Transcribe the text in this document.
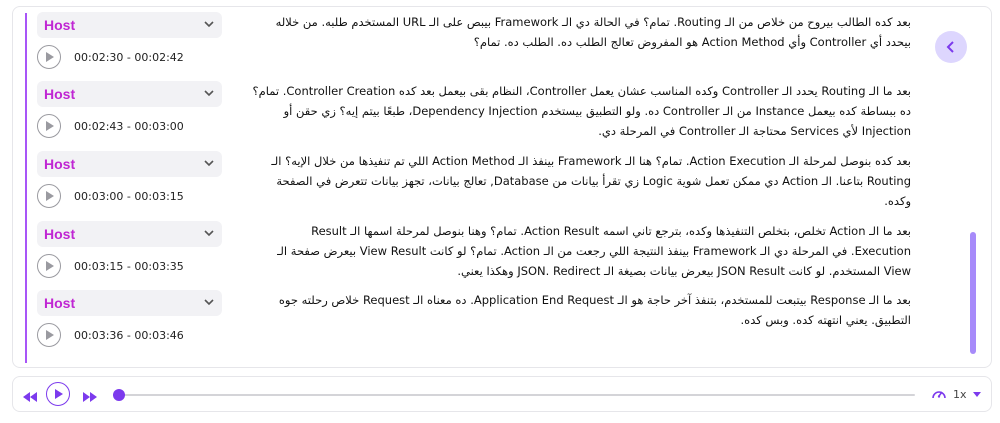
Host
00:02:30 - 00:02:42
بعد كده الطالب بيروح من خلاص من الـ Routing. تمام؟ في الحالة دي الـ Framework بيبص على الـ URL المستخدم طلبه. من خلاله بيحدد أي Controller وأي Action Method هو المفروض تعالج الطلب ده. الطلب ده. تمام؟
Host
00:02:43 - 00:03:00
بعد ما الـ Routing يحدد الـ Controller وكده المناسب عشان يعمل Controller، النظام بقى بيعمل بعد كده Controller Creation. تمام؟ ده ببساطة كده بيعمل Instance من الـ Controller ده. ولو التطبيق بيستخدم Dependency Injection، طبعًا بيتم إيه؟ زي حقن أو Injection لأي Services محتاجة الـ Controller في المرحلة دي.
Host
00:03:00 - 00:03:15
بعد كده بنوصل لمرحلة الـ Action Execution. تمام؟ هنا الـ Framework بينفذ الـ Action Method اللي تم تنفيذها من خلال الإيه؟ الـ Routing بتاعنا. الـ Action دي ممكن تعمل شوية Logic زي تقرأ بيانات من Database, تعالج بيانات، تجهز بيانات تتعرض في الصفحة وكده.
Host
00:03:15 - 00:03:35
بعد ما الـ Action تخلص، بتخلص التنفيذها وكده، بترجع تاني اسمه Action Result. تمام؟ وهنا بنوصل لمرحلة اسمها الـ Result Execution. في المرحلة دي الـ Framework بينفذ النتيجة اللي رجعت من الـ Action. تمام؟ لو كانت View Result بيعرض صفحة الـ View المستخدم. لو كانت JSON Result بيعرض بيانات بصيغة الـ JSON. Redirect وهكذا يعني.
Host
00:03:36 - 00:03:46
بعد ما الـ Response بيتبعت للمستخدم، بتنفذ آخر حاجة هو الـ Application End Request. ده معناه الـ Request خلاص رحلته جوه التطبيق. يعني انتهته كده. وبس كده.
1x
